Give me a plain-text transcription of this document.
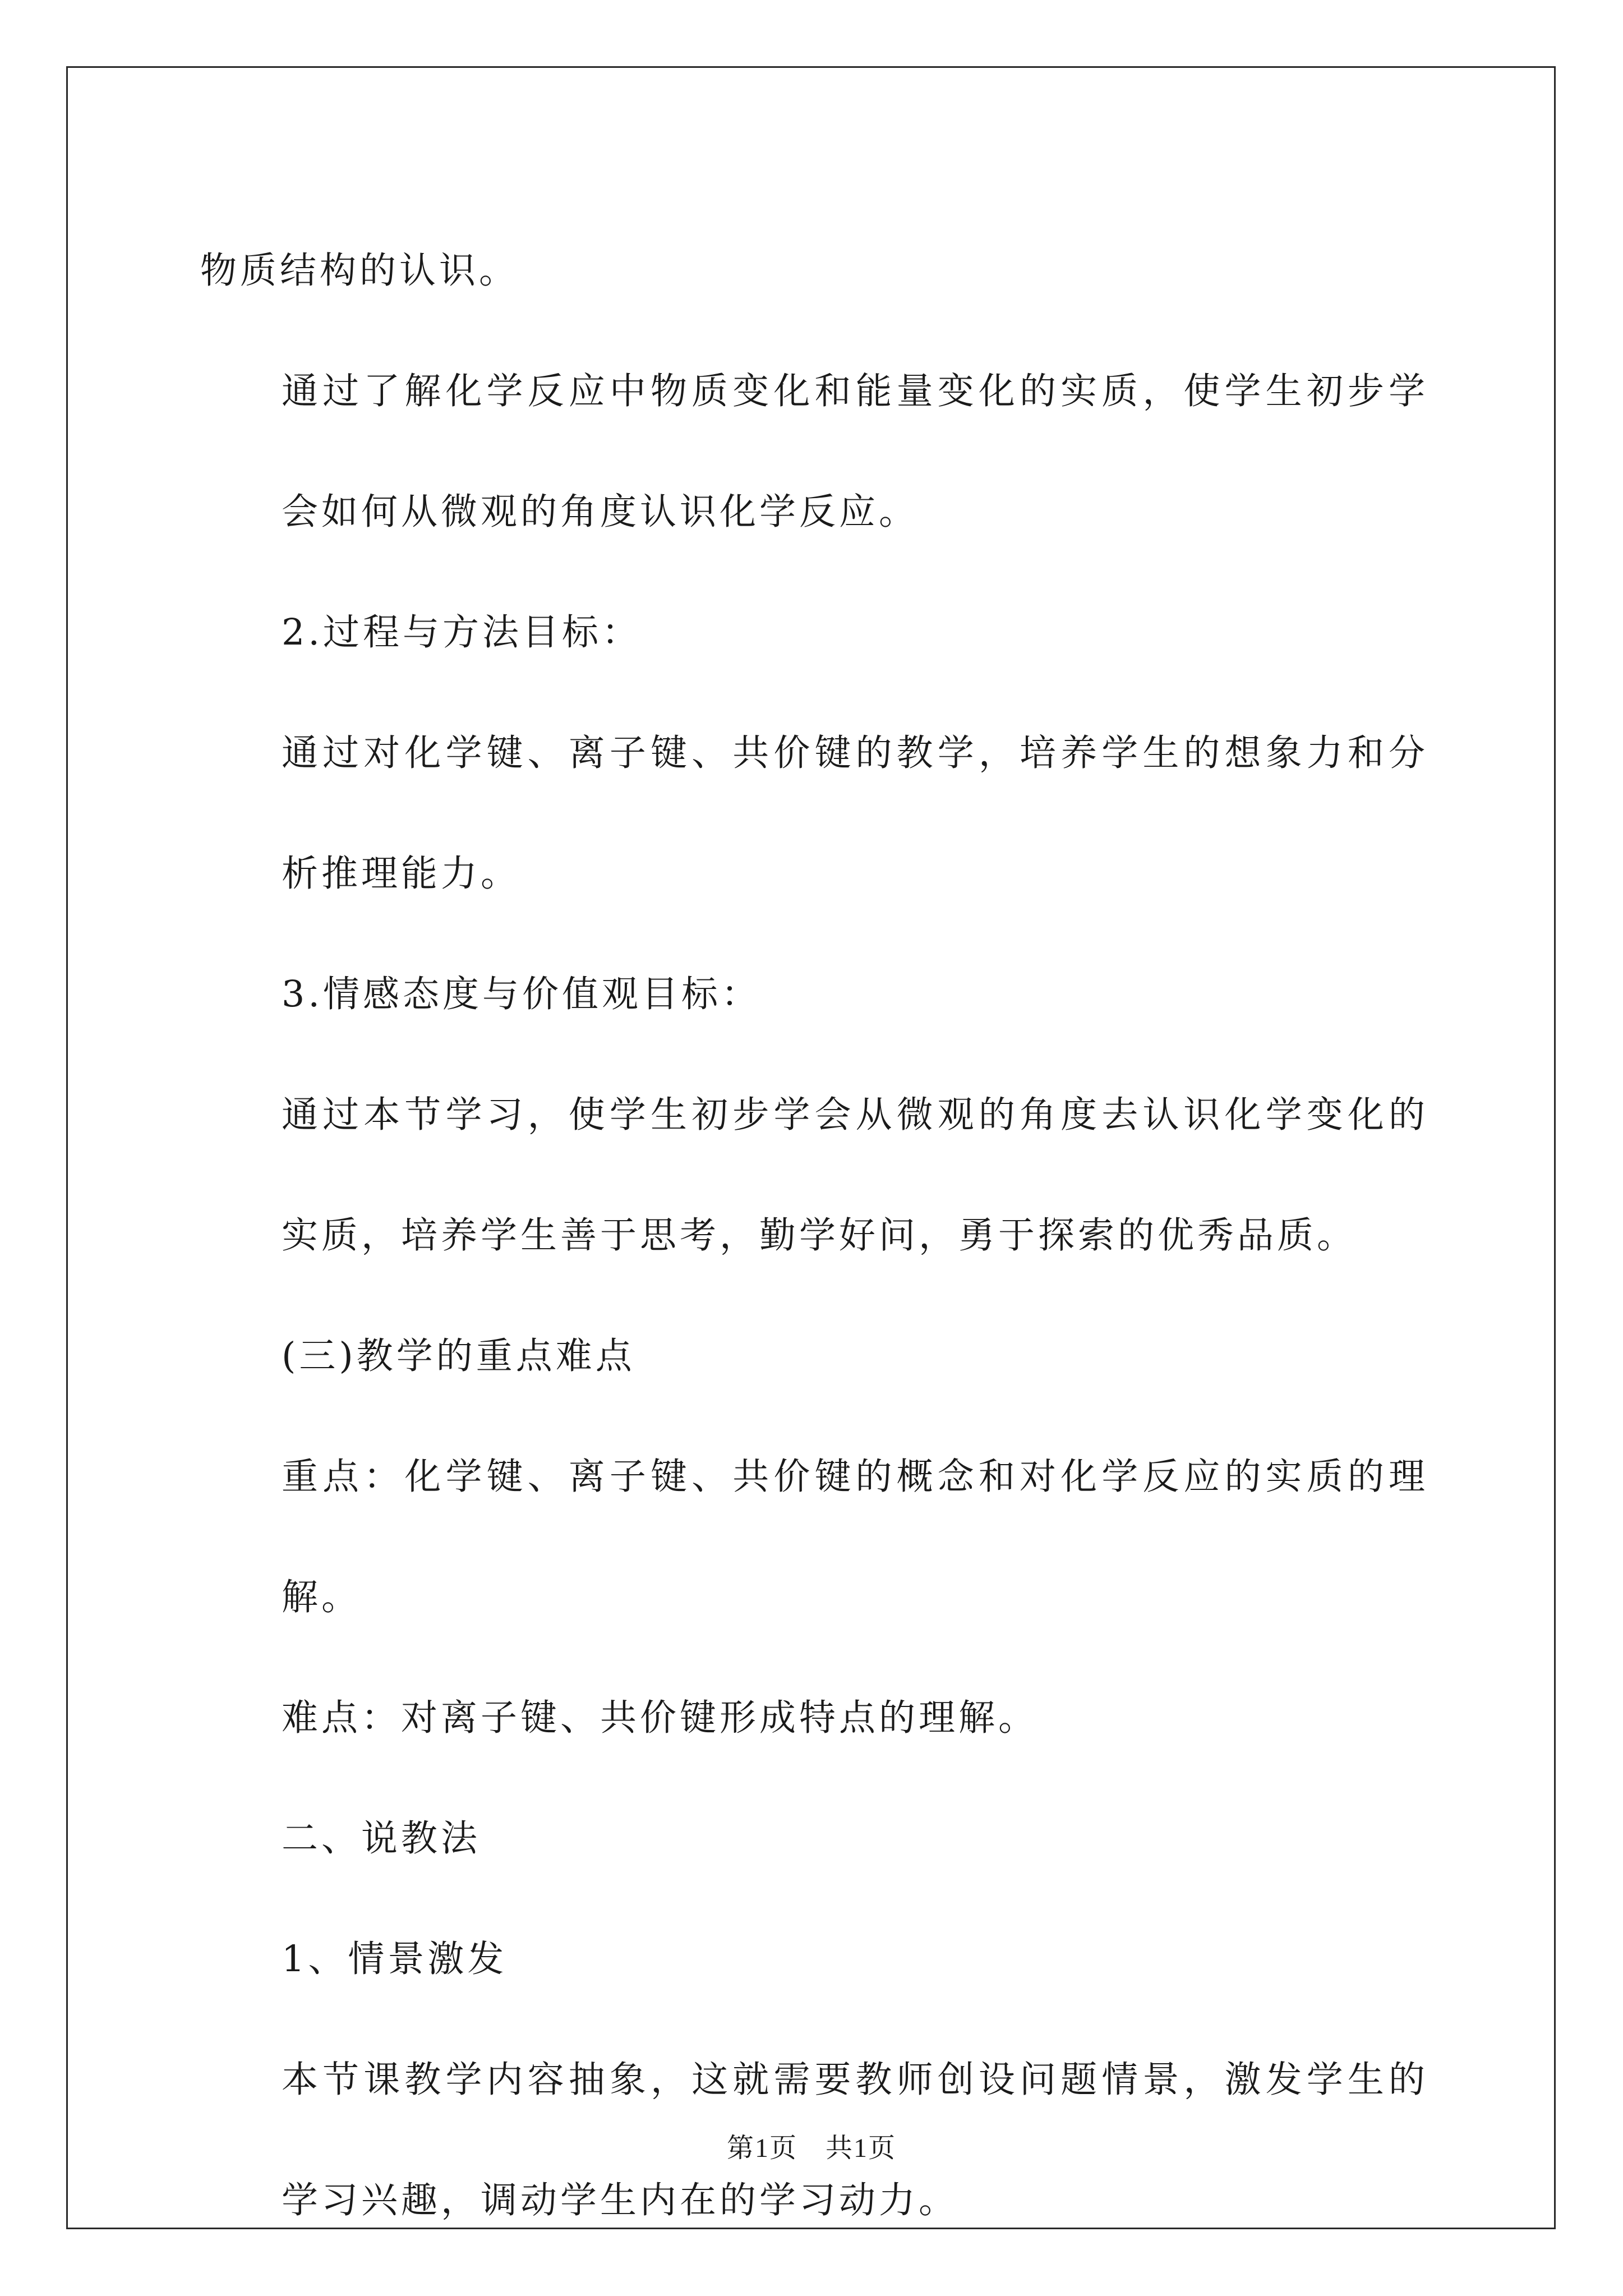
物质结构的认识。

通过了解化学反应中物质变化和能量变化的实质，使学生初步学会如何从微观的角度认识化学反应。

2.过程与方法目标：

通过对化学键、离子键、共价键的教学，培养学生的想象力和分析推理能力。

3.情感态度与价值观目标：

通过本节学习，使学生初步学会从微观的角度去认识化学变化的实质，培养学生善于思考，勤学好问，勇于探索的优秀品质。

(三)教学的重点难点

重点：化学键、离子键、共价键的概念和对化学反应的实质的理解。

难点：对离子键、共价键形成特点的理解。

二、说教法

1、情景激发

本节课教学内容抽象，这就需要教师创设问题情景，激发学生的学习兴趣，调动学生内在的学习动力。

第1页　共1页
